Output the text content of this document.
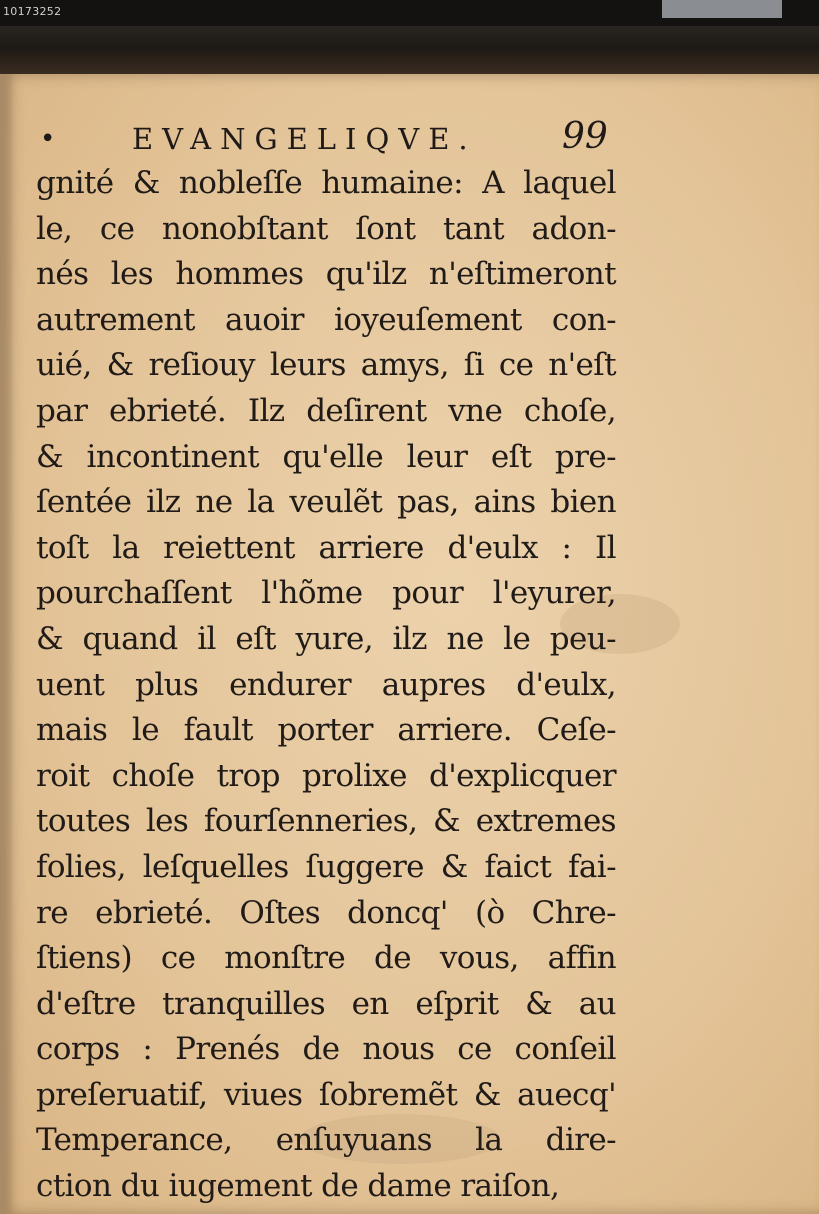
10173252
•	EVANGELIQVE. 99
gnité & nobleſſe humaine: A laquel
le, ce nonobſtant ſont tant adon-
nés les hommes qu'ilz n'eſtimeront
autrement auoir ioyeuſement con-
uié, & reſiouy leurs amys, ſi ce n'eſt
par ebrieté. Ilz deſirent vne choſe,
& incontinent qu'elle leur eſt pre-
ſentée ilz ne la veulẽt pas, ains bien
toſt la reiettent arriere d'eulx : Il
pourchaſſent l'hõme pour l'eyurer,
& quand il eſt yure, ilz ne le peu-
uent plus endurer aupres d'eulx,
mais le fault porter arriere. Ceſe-
roit choſe trop prolixe d'explicquer
toutes les fourſenneries, & extremes
folies, leſquelles ſuggere & faict fai-
re ebrieté. Oſtes doncq' (ò Chre-
ſtiens) ce monſtre de vous, affin
d'eſtre tranquilles en eſprit & au
corps : Prenés de nous ce conſeil
preſeruatif, viues ſobremẽt & auecq'
Temperance, enſuyuans la dire-
ction du iugement de dame raiſon,
